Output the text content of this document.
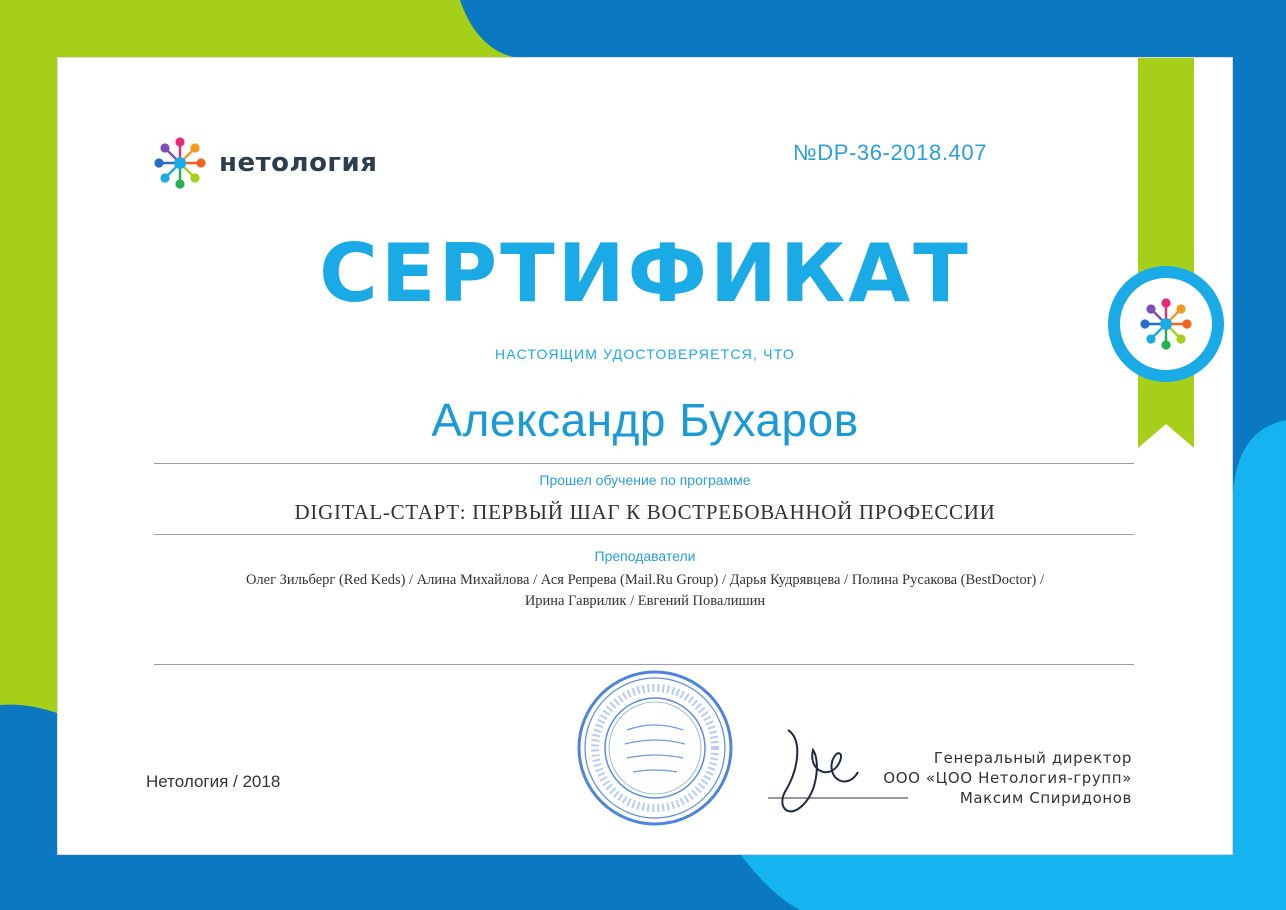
нетология	№DP-36-2018.407
СЕРТИФИКАТ
НАСТОЯЩИМ УДОСТОВЕРЯЕТСЯ, ЧТО
Александр Бухаров
Прошел обучение по программе
DIGITAL-СТАРТ: ПЕРВЫЙ ШАГ К ВОСТРЕБОВАННОЙ ПРОФЕССИИ
Преподаватели
Олег Зильберг (Red Keds) / Алина Михайлова / Ася Репрева (Mail.Ru Group) / Дарья Кудрявцева / Полина Русакова (BestDoctor) /
Ирина Гаврилик / Евгений Повалишин
Нетология / 2018
Генеральный директор
ООО «ЦОО Нетология-групп»
Максим Спиридонов
